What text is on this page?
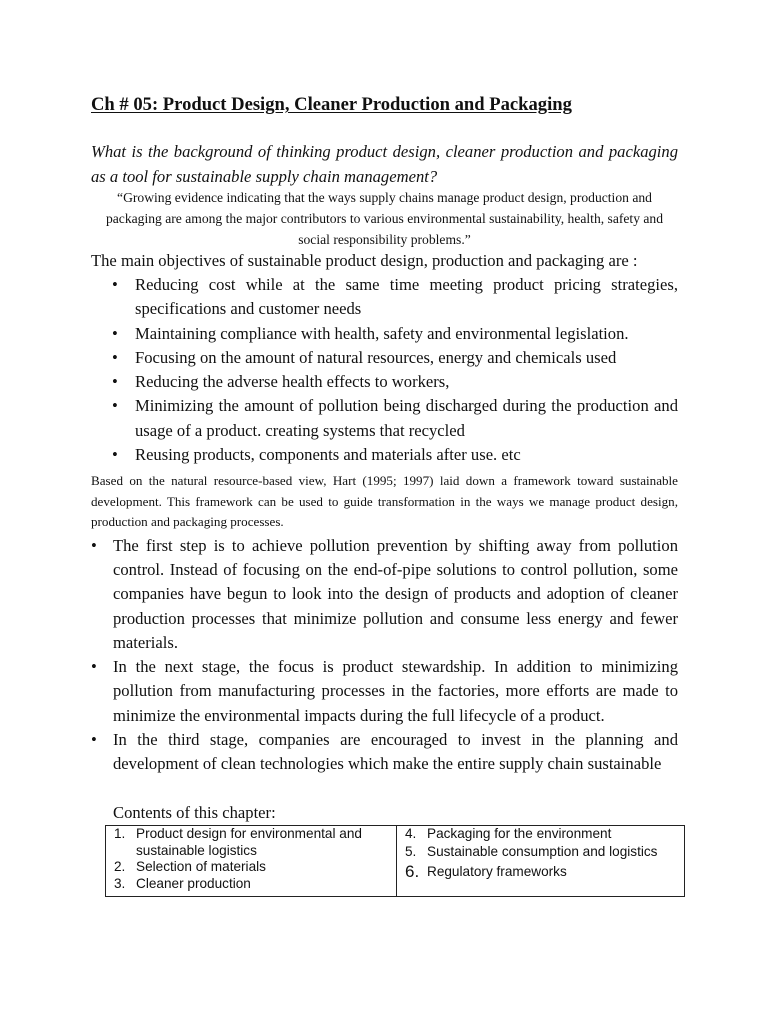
Ch # 05: Product Design, Cleaner Production and Packaging
What is the background of thinking product design, cleaner production and packaging as a tool for sustainable supply chain management?
“Growing evidence indicating that the ways supply chains manage product design, production and packaging are among the major contributors to various environmental sustainability, health, safety and social responsibility problems.”
The main objectives of sustainable product design, production and packaging are :
• Reducing cost while at the same time meeting product pricing strategies, specifications and customer needs
• Maintaining compliance with health, safety and environmental legislation.
• Focusing on the amount of natural resources, energy and chemicals used
• Reducing the adverse health effects to workers,
• Minimizing the amount of pollution being discharged during the production and usage of a product. creating systems that recycled
• Reusing products, components and materials after use. etc
Based on the natural resource-based view, Hart (1995; 1997) laid down a framework toward sustainable development. This framework can be used to guide transformation in the ways we manage product design, production and packaging processes.
• The first step is to achieve pollution prevention by shifting away from pollution control. Instead of focusing on the end-of-pipe solutions to control pollution, some companies have begun to look into the design of products and adoption of cleaner production processes that minimize pollution and consume less energy and fewer materials.
• In the next stage, the focus is product stewardship. In addition to minimizing pollution from manufacturing processes in the factories, more efforts are made to minimize the environmental impacts during the full lifecycle of a product.
• In the third stage, companies are encouraged to invest in the planning and development of clean technologies which make the entire supply chain sustainable
Contents of this chapter:
1. Product design for environmental and sustainable logistics
2. Selection of materials
3. Cleaner production

4. Packaging for the environment
5. Sustainable consumption and logistics
6. Regulatory frameworks
